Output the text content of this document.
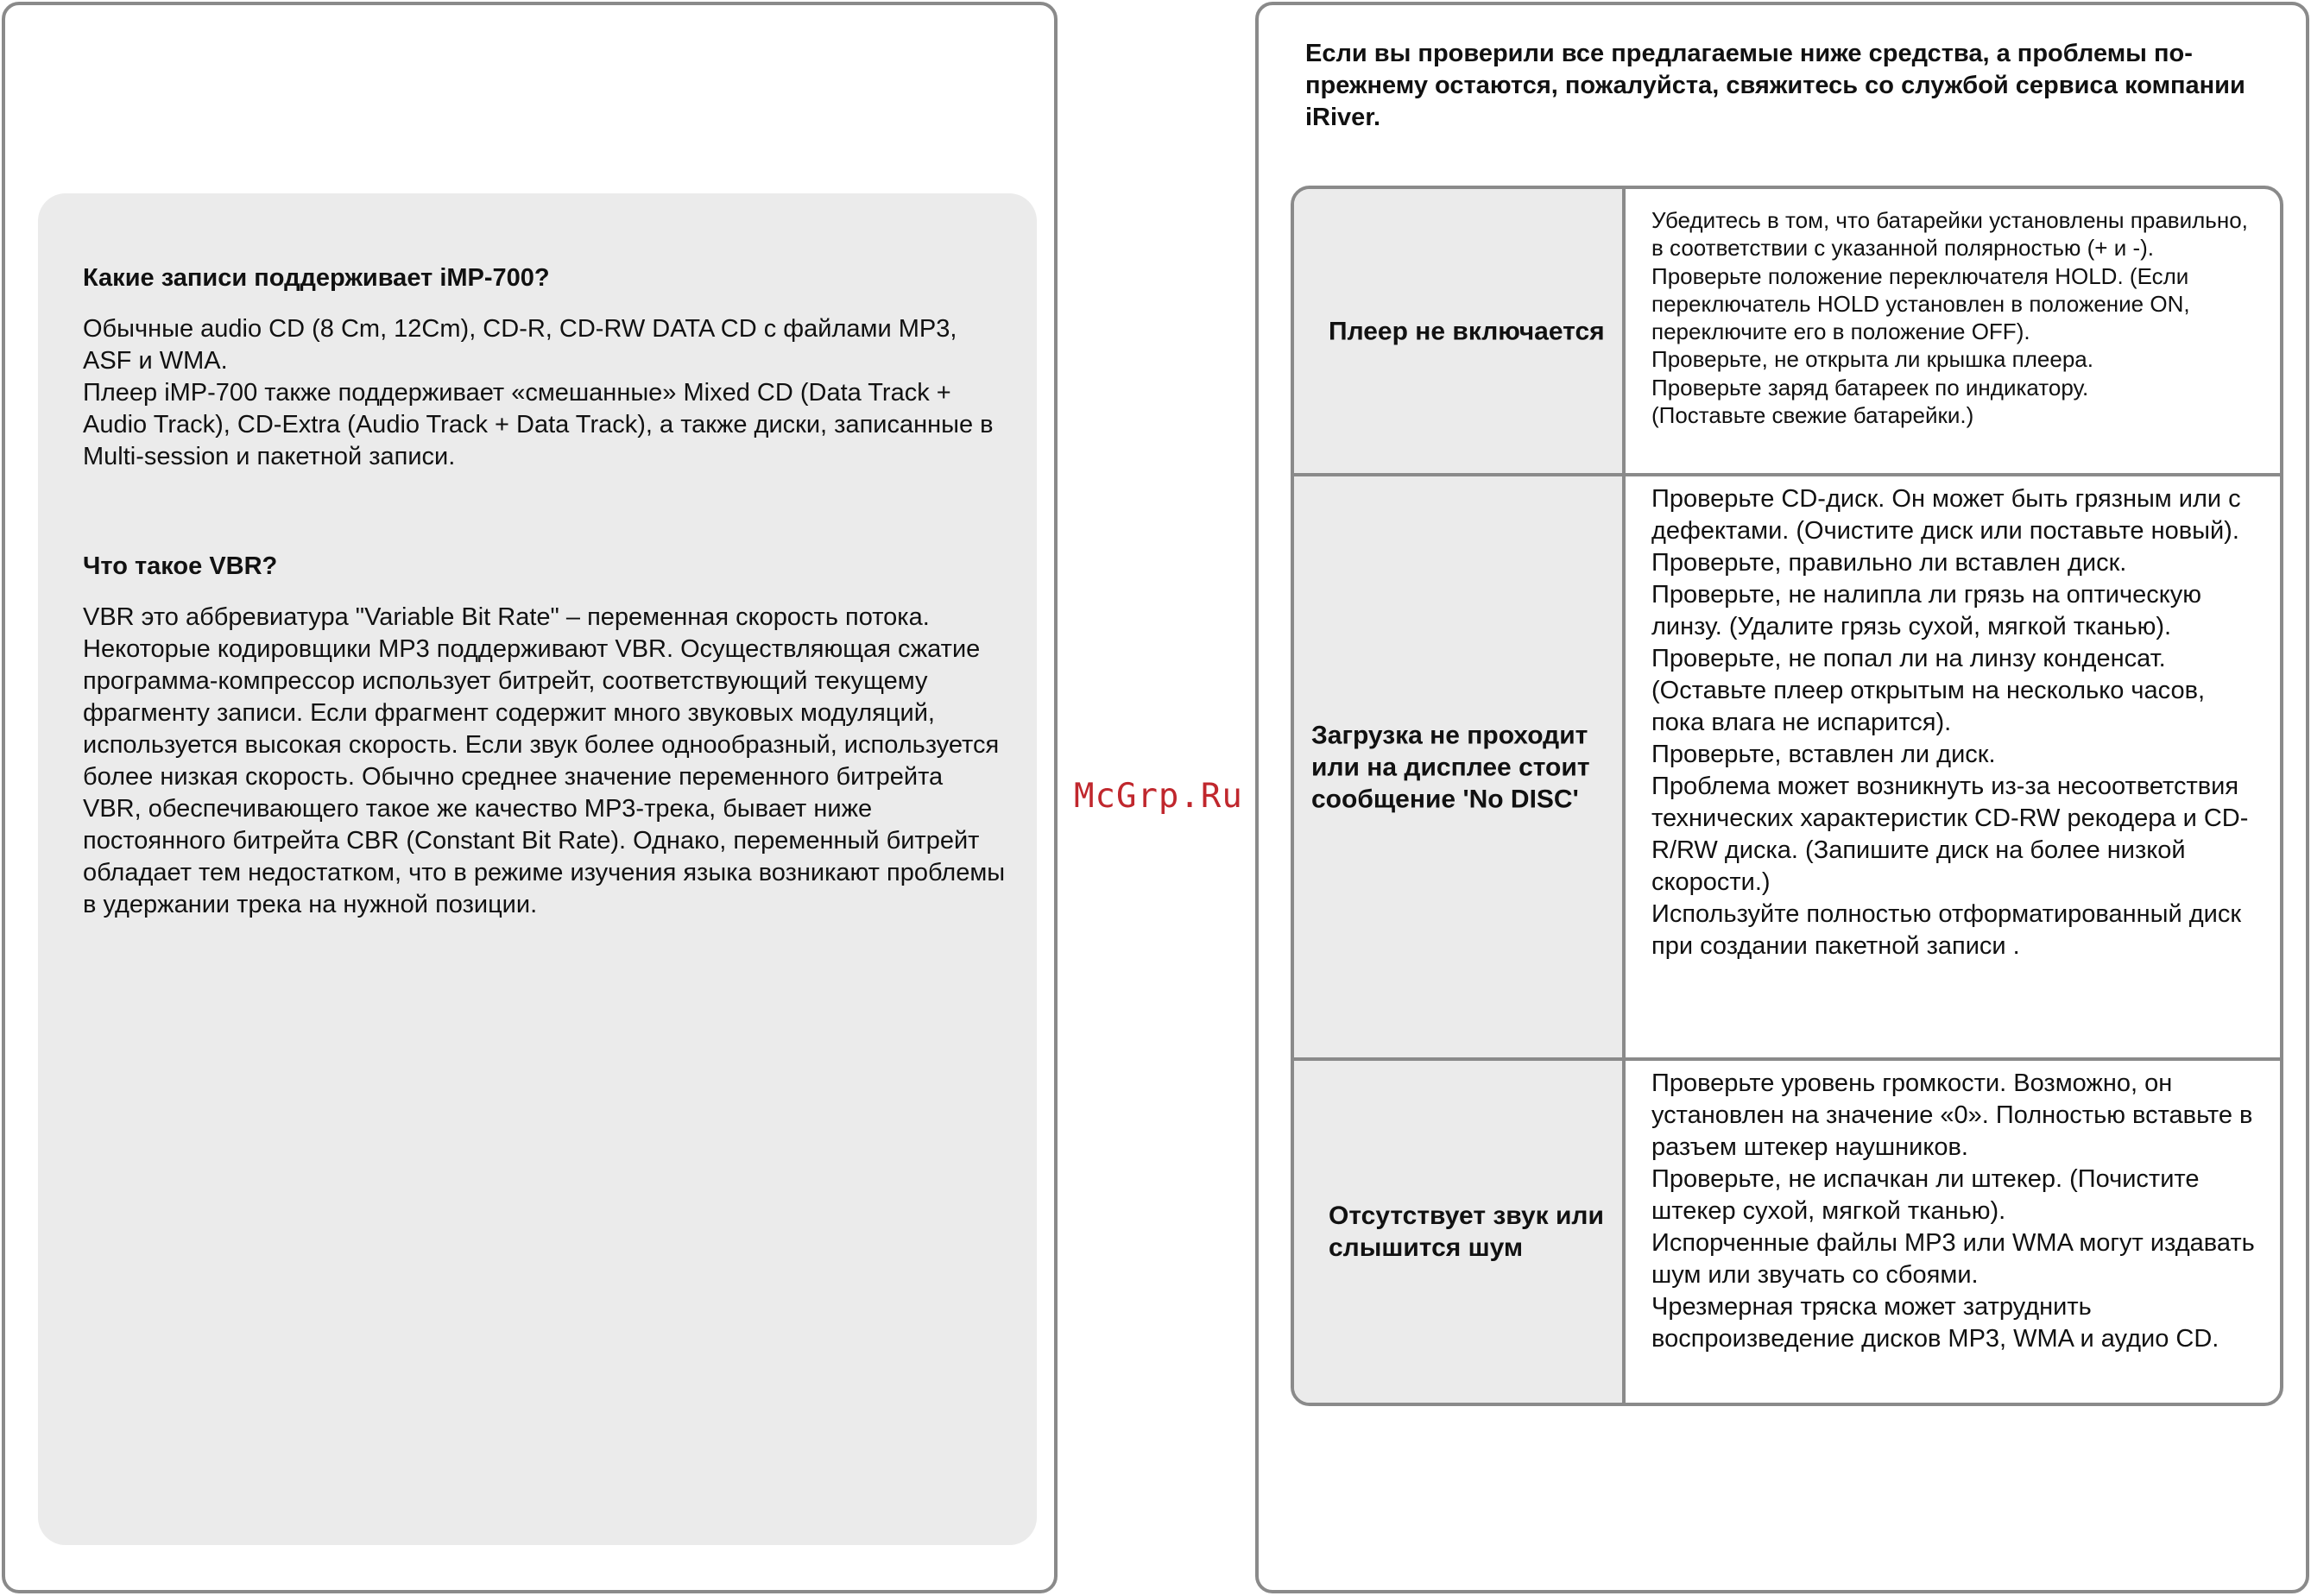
Какие записи поддерживает iMP-700?

Обычные audio CD (8 Cm, 12Cm), CD-R, CD-RW DATA CD с файлами MP3, ASF и WMA.

Плеер iMP-700 также поддерживает «смешанные» Mixed CD (Data Track + Audio Track), CD-Extra (Audio Track + Data Track), а также диски, записанные в Multi-session и пакетной записи.

Что такое VBR?

VBR это аббревиатура "Variable Bit Rate" – переменная скорость потока. Некоторые кодировщики MP3 поддерживают VBR. Осуществляющая сжатие программа-компрессор использует битрейт, соответствующий текущему фрагменту записи. Если фрагмент содержит много звуковых модуляций, используется высокая скорость. Если звук более однообразный, используется более низкая скорость. Обычно среднее значение переменного битрейта VBR, обеспечивающего такое же качество MP3-трека, бывает ниже постоянного битрейта CBR (Constant Bit Rate). Однако, переменный битрейт обладает тем недостатком, что в режиме изучения языка возникают проблемы в удержании трека на нужной позиции.

McGrp.Ru

Если вы проверили все предлагаемые ниже средства, а проблемы по-прежнему остаются, пожалуйста, свяжитесь со службой сервиса компании iRiver.

Плеер не включается

Убедитесь в том, что батарейки установлены правильно, в соответствии с указанной полярностью (+ и -).

Проверьте положение переключателя HOLD. (Если переключатель HOLD установлен в положение ON, переключите его в положение OFF).

Проверьте, не открыта ли крышка плеера.

Проверьте заряд батареек по индикатору.

(Поставьте свежие батарейки.)

Загрузка не проходит или на дисплее стоит сообщение 'No DISC'

Проверьте CD-диск. Он может быть грязным или с дефектами. (Очистите диск или поставьте новый).

Проверьте, правильно ли вставлен диск.

Проверьте, не налипла ли грязь на оптическую линзу. (Удалите грязь сухой, мягкой тканью).

Проверьте, не попал ли на линзу конденсат. (Оставьте плеер открытым на несколько часов, пока влага не испарится).

Проверьте, вставлен ли диск.

Проблема может возникнуть из-за несоответствия технических характеристик CD-RW рекодера и CD-R/RW диска. (Запишите диск на более низкой скорости.)

Используйте полностью отформатированный диск при создании пакетной записи .

Отсутствует звук или слышится шум

Проверьте уровень громкости. Возможно, он установлен на значение «0». Полностью вставьте в разъем штекер наушников.

Проверьте, не испачкан ли штекер. (Почистите штекер сухой, мягкой тканью).

Испорченные файлы MP3 или WMA могут издавать шум или звучать со сбоями.

Чрезмерная тряска может затруднить воспроизведение дисков MP3, WMA и аудио CD.
